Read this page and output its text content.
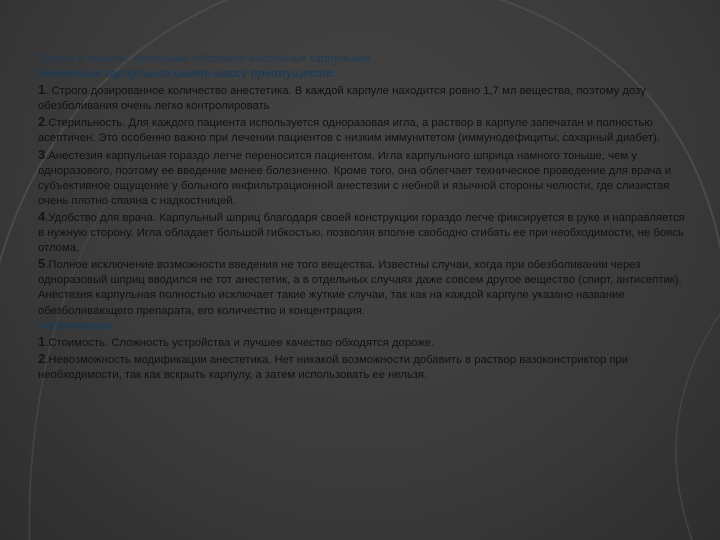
Плюсы и минусы, которыми обладает анестезия карпульная

Анестезия карпульная имеет массу преимуществ:

1. Строго дозированное количество анестетика. В каждой карпуле находится ровно 1,7 мл вещества, поэтому дозу обезболивания очень легко контролировать

2.Стерильность. Для каждого пациента используется одноразовая игла, а раствор в карпуле запечатан и полностью асептичен. Это особенно важно при лечении пациентов с низким иммунитетом (иммунодефициты, сахарный диабет).

3.Анестезия карпульная гораздо легче переносится пациентом. Игла карпульного шприца намного тоньше, чем у одноразового, поэтому ее введение менее болезненно. Кроме того, она облегчает техническое проведение для врача и субъективное ощущение у больного инфильтрационной анестезии с небной и язычной стороны челюсти, где слизистая очень плотно спаяна с надкостницей.

4.Удобство для врача. Карпульный шприц благодаря своей конструкции гораздо легче фиксируется в руке и направляется в нужную сторону. Игла обладает большой гибкостью, позволяя вполне свободно сгибать ее при необходимости, не боясь отлома.

5.Полное исключение возможности введения не того вещества. Известны случаи, когда при обезболивании через одноразовый шприц вводился не тот анестетик, а в отдельных случаях даже совсем другое вещество (спирт, антисептик). Анестезия карпульная полностью исключает такие жуткие случаи, так как на каждой карпуле указано название обезболивающего препарата, его количество и концентрация.

Недостатки:

1.Стоимость. Сложность устройства и лучшее качество обходятся дороже.

2.Невозможность модификации анестетика. Нет никакой возможности добавить в раствор вазоконстриктор при необходимости, так как вскрыть карпулу, а затем использовать ее нельзя.
